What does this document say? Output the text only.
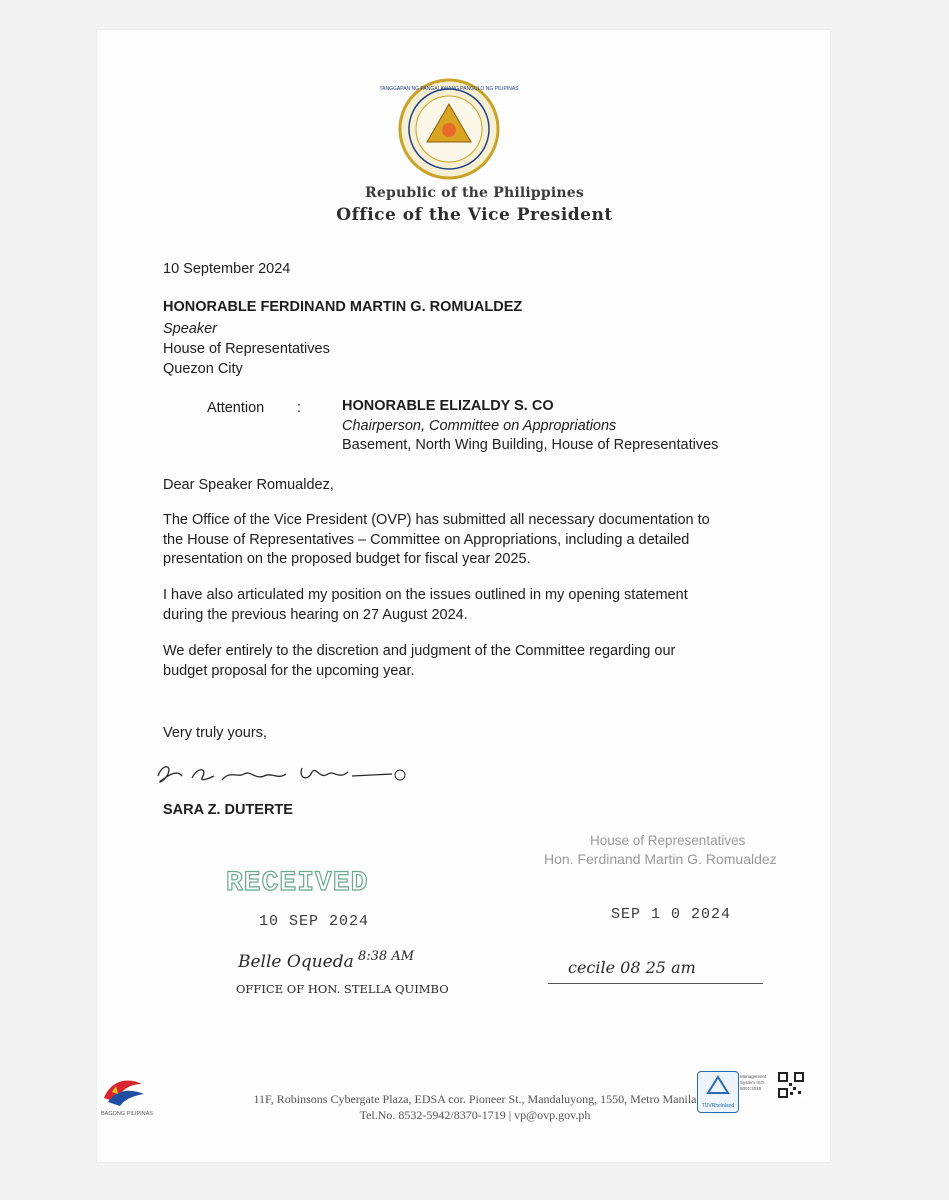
TANGGAPAN NG PANGALAWANG PANGULO NG PILIPINAS
Republic of the Philippines
Office of the Vice President
10 September 2024
HONORABLE FERDINAND MARTIN G. ROMUALDEZ
Speaker
House of Representatives
Quezon City
Attention :	HONORABLE ELIZALDY S. CO
Chairperson, Committee on Appropriations
Basement, North Wing Building, House of Representatives
Dear Speaker Romualdez,
The Office of the Vice President (OVP) has submitted all necessary documentation to
the House of Representatives – Committee on Appropriations, including a detailed
presentation on the proposed budget for fiscal year 2025.
I have also articulated my position on the issues outlined in my opening statement
during the previous hearing on 27 August 2024.
We defer entirely to the discretion and judgment of the Committee regarding our
budget proposal for the upcoming year.
Very truly yours,
SARA Z. DUTERTE
RECEIVED
10 SEP 2024
Belle Oqueda 8:38 AM
OFFICE OF HON. STELLA QUIMBO
House of Representatives
Hon. Ferdinand Martin G. Romualdez
SEP 1 0 2024
cecile 08 25 am
BAGONG PILIPINAS
11F, Robinsons Cybergate Plaza, EDSA cor. Pioneer St., Mandaluyong, 1550, Metro Manila
Tel.No. 8532-5942/8370-1719 | vp@ovp.gov.ph
TUVRheinland
Management System ISO 9001:2015
